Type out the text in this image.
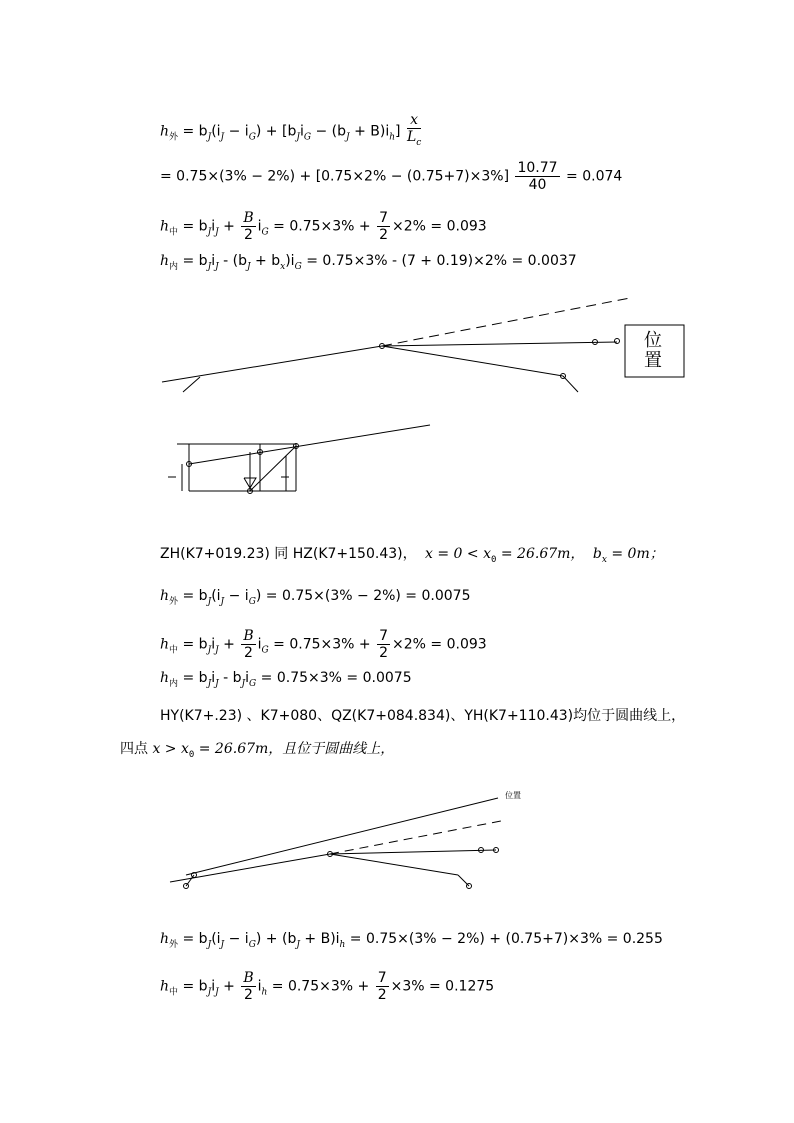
$h_外 = b_J(i_J - i_G) + [b_Ji_G - (b_J + B)i_h] \frac{x}{L_c}$
= $0.75\times(3\% - 2\%) + [0.75\times 2\% - (0.75+7)\times 3\%] \frac{10.77}{40} = 0.074$
$h_中 = b_Ji_J + \frac{B}{2} i_G = 0.75\times 3\% + \frac{7}{2} \times 2\% = 0.093$
$h_内 = b_Ji_J - (b_J + b_x)i_G = 0.75\times 3\% - (7 + 0.19)\times 2\% = 0.0037$
位
置
ZH(K7+019.23) 同 HZ(K7+150.43)， $x = 0 < x_0 = 26.67m$， $b_x = 0m$；
$h_外 = b_J(i_J - i_G) = 0.75\times(3\% - 2\%) = 0.0075$
$h_中 = b_Ji_J + \frac{B}{2} i_G = 0.75\times 3\% + \frac{7}{2} \times 2\% = 0.093$
$h_内 = b_Ji_J - b_Ji_G = 0.75\times 3\% = 0.0075$
HY(K7+.23) 、K7+080、QZ(K7+084.834)、YH(K7+110.43)均位于圆曲线上，
四点 $x > x_0 = 26.67m$，且位于圆曲线上，
位置
$h_外 = b_J(i_J - i_G) + (b_J + B)i_h = 0.75\times(3\% - 2\%) + (0.75+7)\times 3\% = 0.255$
$h_中 = b_Ji_J + \frac{B}{2} i_h = 0.75\times 3\% + \frac{7}{2} \times 3\% = 0.1275$
